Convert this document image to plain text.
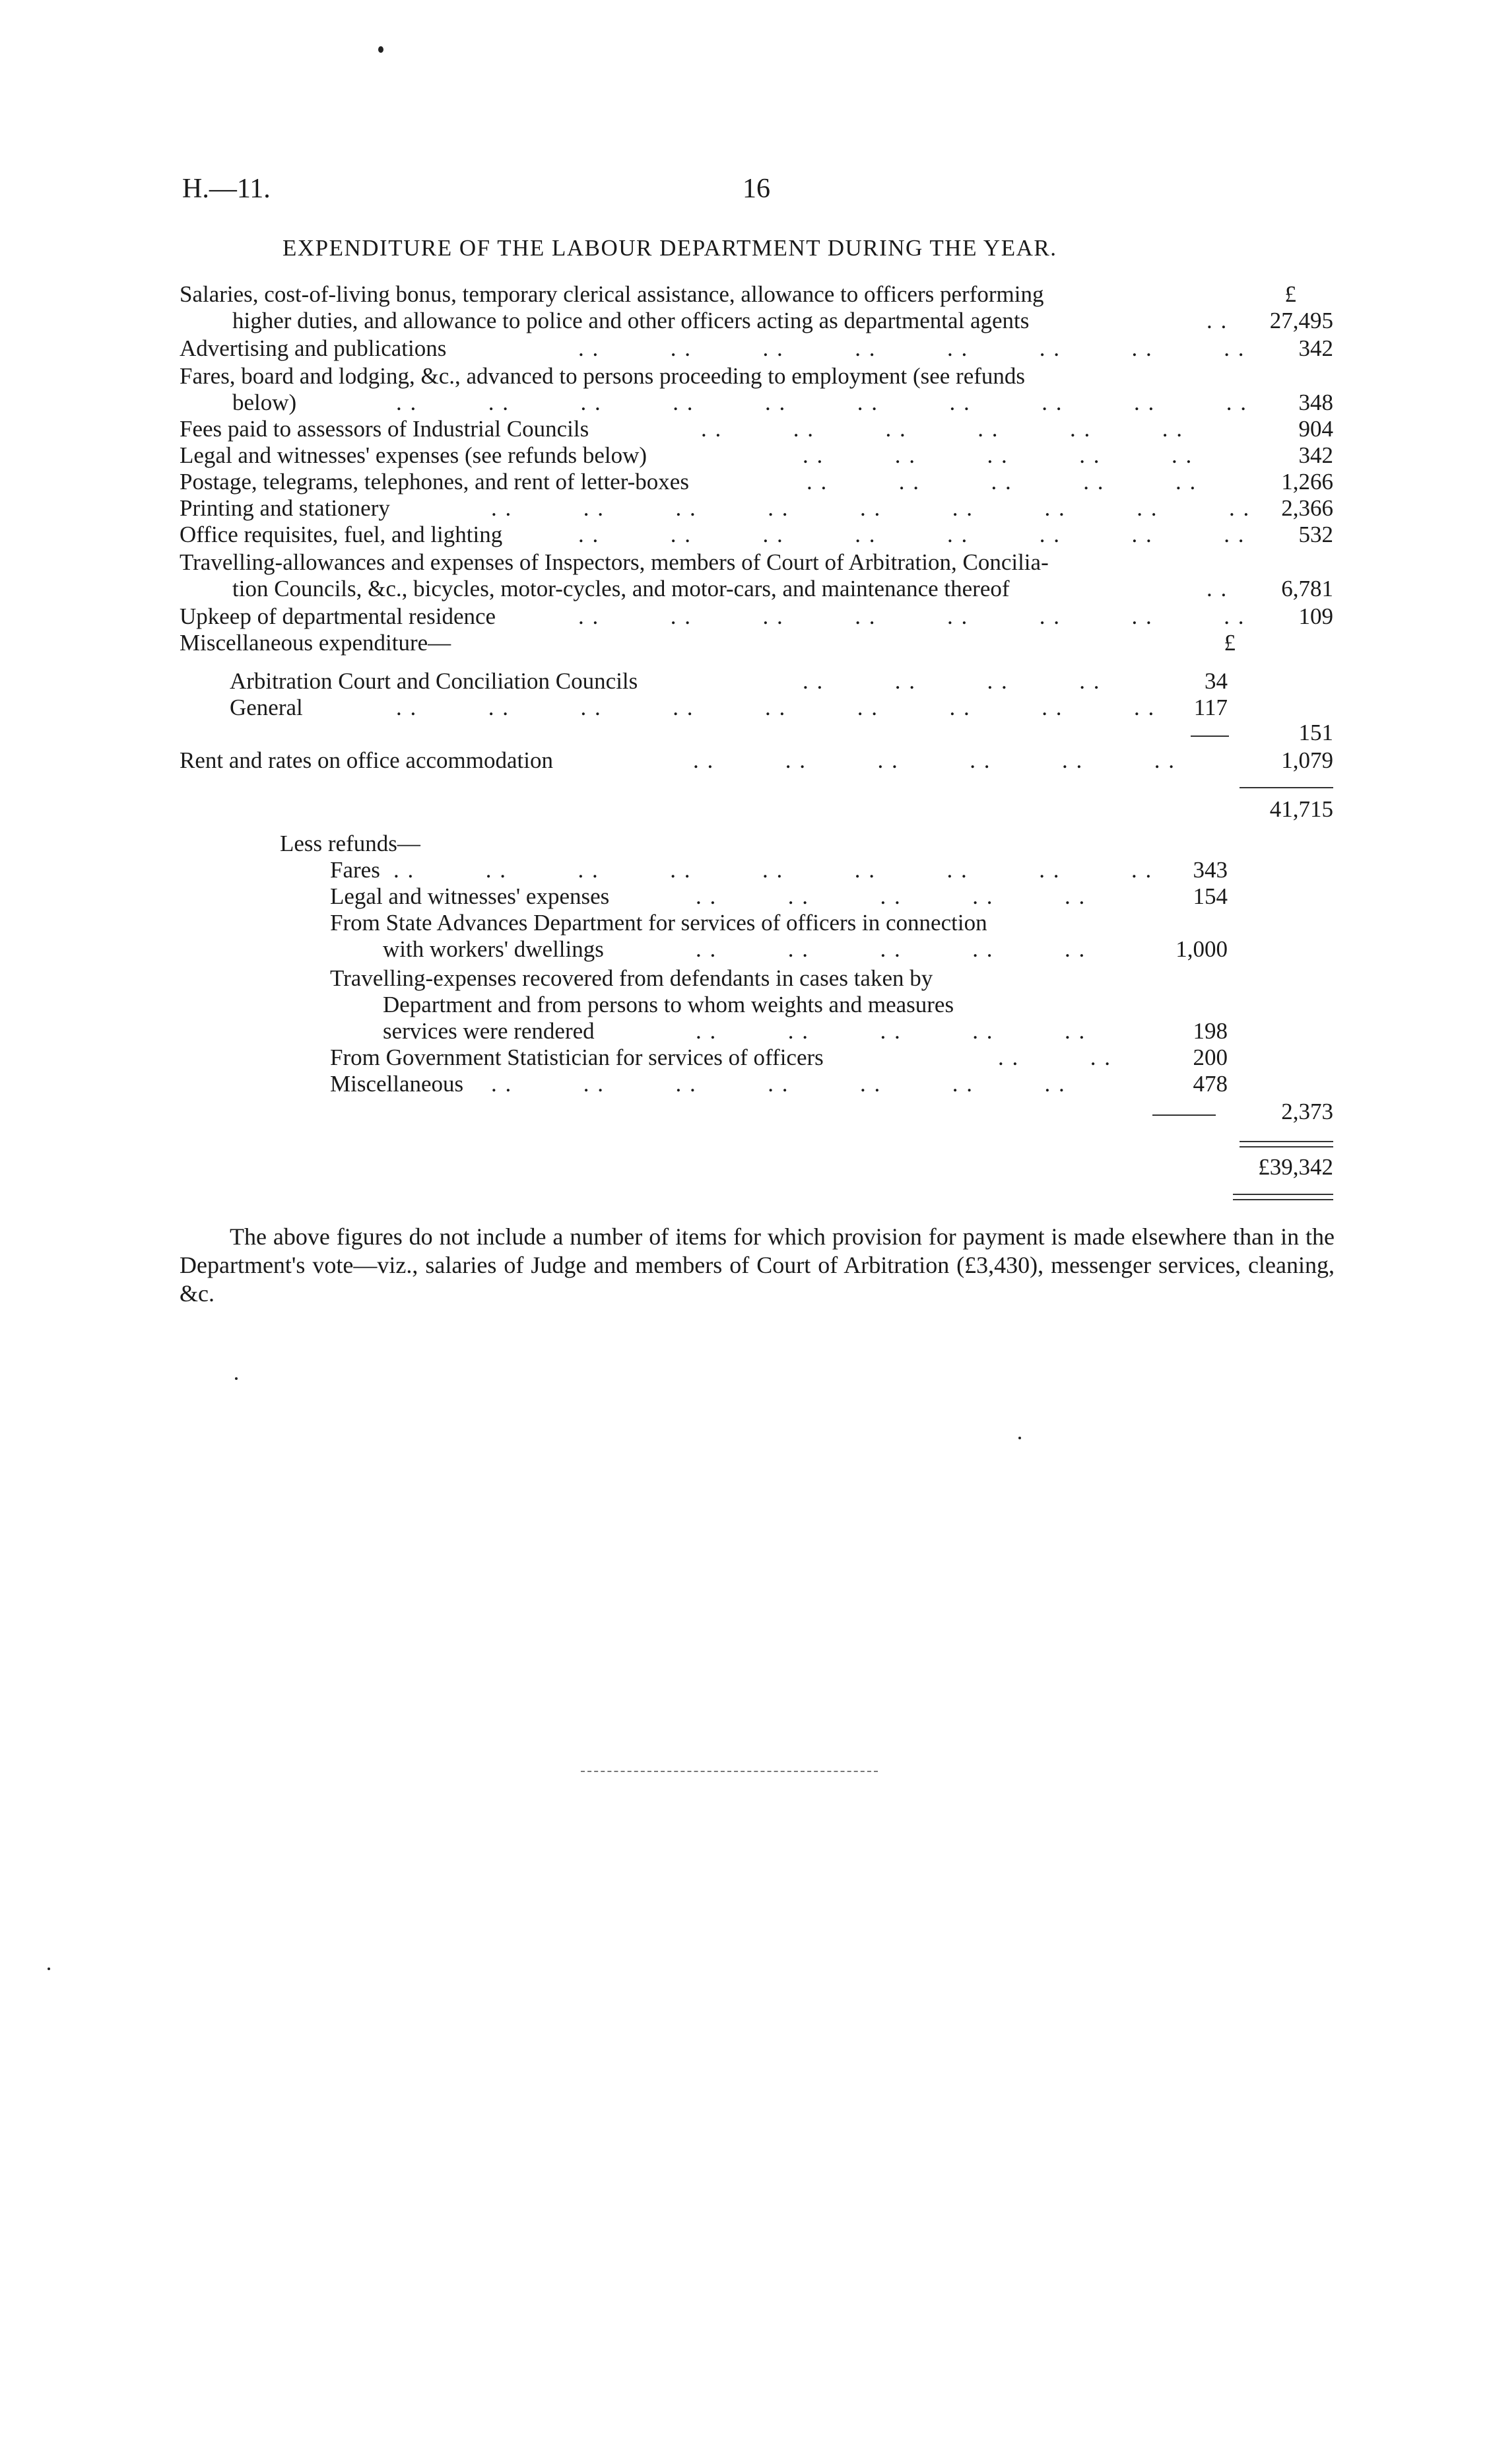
H.—11.	16
EXPENDITURE OF THE LABOUR DEPARTMENT DURING THE YEAR.
£
Salaries, cost-of-living bonus, temporary clerical assistance, allowance to officers performing
higher duties, and allowance to police and other officers acting as departmental agents	. . 27,495
Advertising and publications	. .          . .          . .          . .          . .          . .          . .          . . 342
Fares, board and lodging, &c., advanced to persons proceeding to employment (see refunds
below)	. .          . .          . .          . .          . .          . .          . .          . .          . .          . . 348
Fees paid to assessors of Industrial Councils	. .          . .          . .          . .          . .          . .	904
Legal and witnesses' expenses (see refunds below)	. .          . .          . .          . .          . .	342
Postage, telegrams, telephones, and rent of letter-boxes	. .          . .          . .          . .          . .	1,266
Printing and stationery	. .          . .          . .          . .          . .          . .          . .          . .          . . 2,366
Office requisites, fuel, and lighting	. .          . .          . .          . .          . .          . .          . .          . . 532
Travelling-allowances and expenses of Inspectors, members of Court of Arbitration, Concilia-
tion Councils, &c., bicycles, motor-cycles, and motor-cars, and maintenance thereof	. . 6,781
Upkeep of departmental residence	. .          . .          . .          . .          . .          . .          . .          . . 109
Miscellaneous expenditure—	£
Arbitration Court and Conciliation Councils	. .          . .          . .          . .	34
General	. .          . .          . .          . .          . .          . .          . .          . .          . . 117
151
Rent and rates on office accommodation	. .          . .          . .          . .          . .          . .	1,079
41,715
Less refunds—
Fares . .          . .          . .          . .          . .          . .          . .          . .          . . 343
Legal and witnesses' expenses	. .          . .          . .          . .          . .	154
From State Advances Department for services of officers in connection
with workers' dwellings	. .          . .          . .          . .          . .	1,000
Travelling-expenses recovered from defendants in cases taken by
Department and from persons to whom weights and measures
services were rendered	. .          . .          . .          . .          . .	198
From Government Statistician for services of officers	. .          . .	200
Miscellaneous . .          . .          . .          . .          . .          . .          . .	478
2,373
£39,342
The above figures do not include a number of items for which provision for payment is made elsewhere than in the Department's vote—viz., salaries of Judge and members of Court of Arbitration (£3,430), messenger services, cleaning, &c.
